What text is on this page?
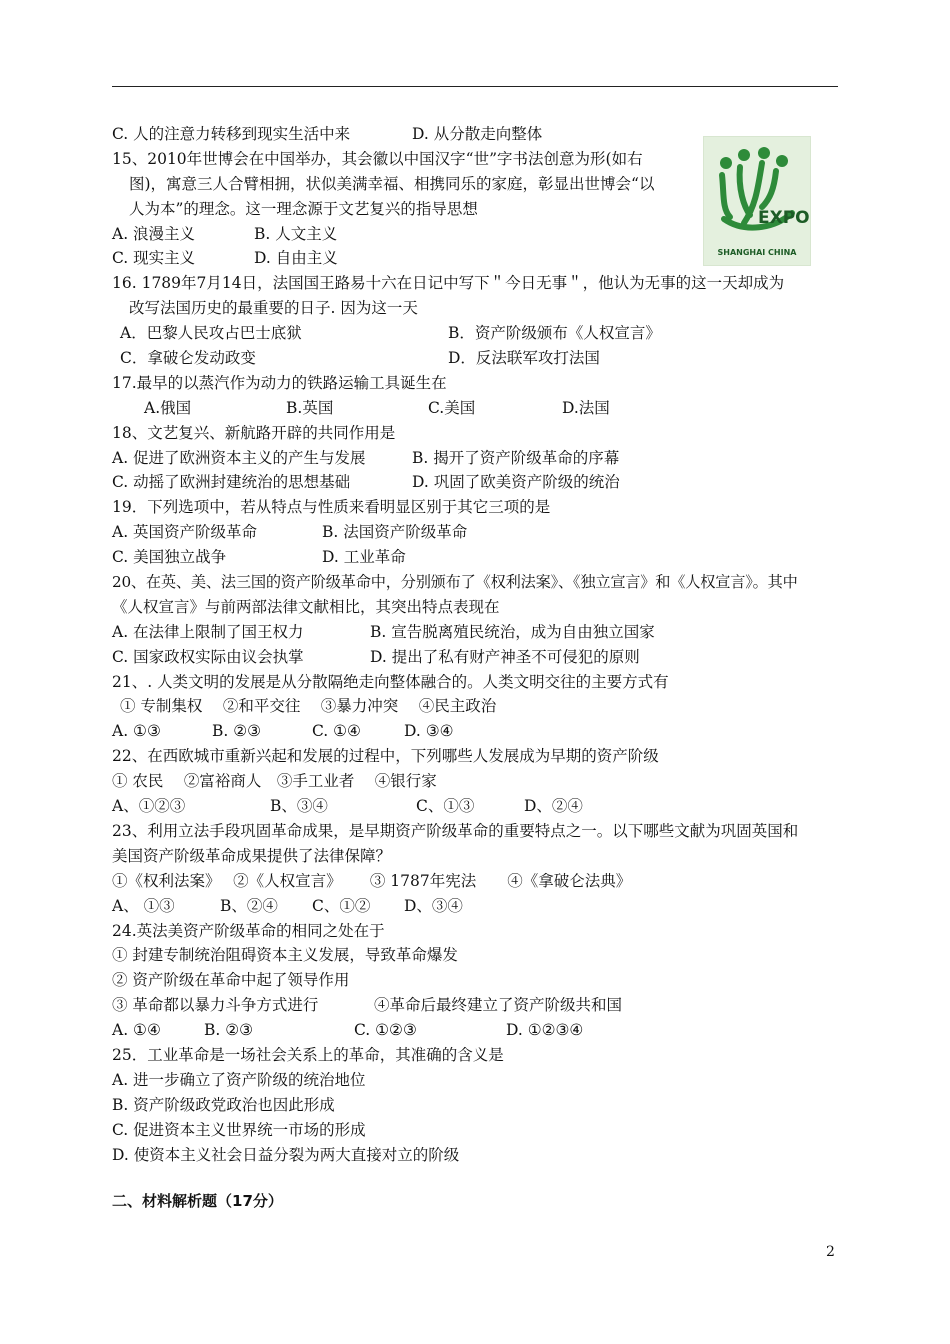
EXPO
SHANGHAI CHINA
C. 人的注意力转移到现实生活中来	D. 从分散走向整体
15、2010年世博会在中国举办，其会徽以中国汉字“世”字书法创意为形(如右
图)，寓意三人合臂相拥，状似美满幸福、相携同乐的家庭，彰显出世博会“以
人为本”的理念。这一理念源于文艺复兴的指导思想
A. 浪漫主义	B. 人文主义
C. 现实主义	D. 自由主义
16. 1789年7月14日，法国国王路易十六在日记中写下＂今日无事＂，他认为无事的这一天却成为
改写法国历史的最重要的日子. 因为这一天
A．巴黎人民攻占巴士底狱	B．资产阶级颁布《人权宣言》
C．拿破仑发动政变	D．反法联军攻打法国
17.最早的以蒸汽作为动力的铁路运输工具诞生在
A.俄国	B.英国	C.美国	D.法国
18、文艺复兴、新航路开辟的共同作用是
A. 促进了欧洲资本主义的产生与发展	B. 揭开了资产阶级革命的序幕
C. 动摇了欧洲封建统治的思想基础	D. 巩固了欧美资产阶级的统治
19．下列选项中，若从特点与性质来看明显区别于其它三项的是
A. 英国资产阶级革命	B. 法国资产阶级革命
C. 美国独立战争	D. 工业革命
20、在英、美、法三国的资产阶级革命中，分别颁布了《权利法案》、《独立宣言》和《人权宣言》。其中
《人权宣言》与前两部法律文献相比，其突出特点表现在
A. 在法律上限制了国王权力	B. 宣告脱离殖民统治，成为自由独立国家
C. 国家政权实际由议会执掌	D. 提出了私有财产神圣不可侵犯的原则
21、. 人类文明的发展是从分散隔绝走向整体融合的。人类文明交往的主要方式有
① 专制集权　 ②和平交往　 ③暴力冲突　 ④民主政治
A. ①③	B. ②③	C. ①④	D. ③④
22、在西欧城市重新兴起和发展的过程中，下列哪些人发展成为早期的资产阶级
① 农民　 ②富裕商人　③手工业者　 ④银行家
A、①②③	B、③④	C、①③	D、②④
23、利用立法手段巩固革命成果，是早期资产阶级革命的重要特点之一。以下哪些文献为巩固英国和
美国资产阶级革命成果提供了法律保障？
①《权利法案》　 ②《人权宣言》　　 ③ 1787年宪法　　④《拿破仑法典》
A、 ①③	B、②④ C、①② D、③④
24.英法美资产阶级革命的相同之处在于
① 封建专制统治阻碍资本主义发展，导致革命爆发
② 资产阶级在革命中起了领导作用
③ 革命都以暴力斗争方式进行	④革命后最终建立了资产阶级共和国
A. ①④	B. ②③	C. ①②③	D. ①②③④
25．工业革命是一场社会关系上的革命，其准确的含义是
A. 进一步确立了资产阶级的统治地位
B. 资产阶级政党政治也因此形成
C. 促进资本主义世界统一市场的形成
D. 使资本主义社会日益分裂为两大直接对立的阶级
二、材料解析题（17分）
2
